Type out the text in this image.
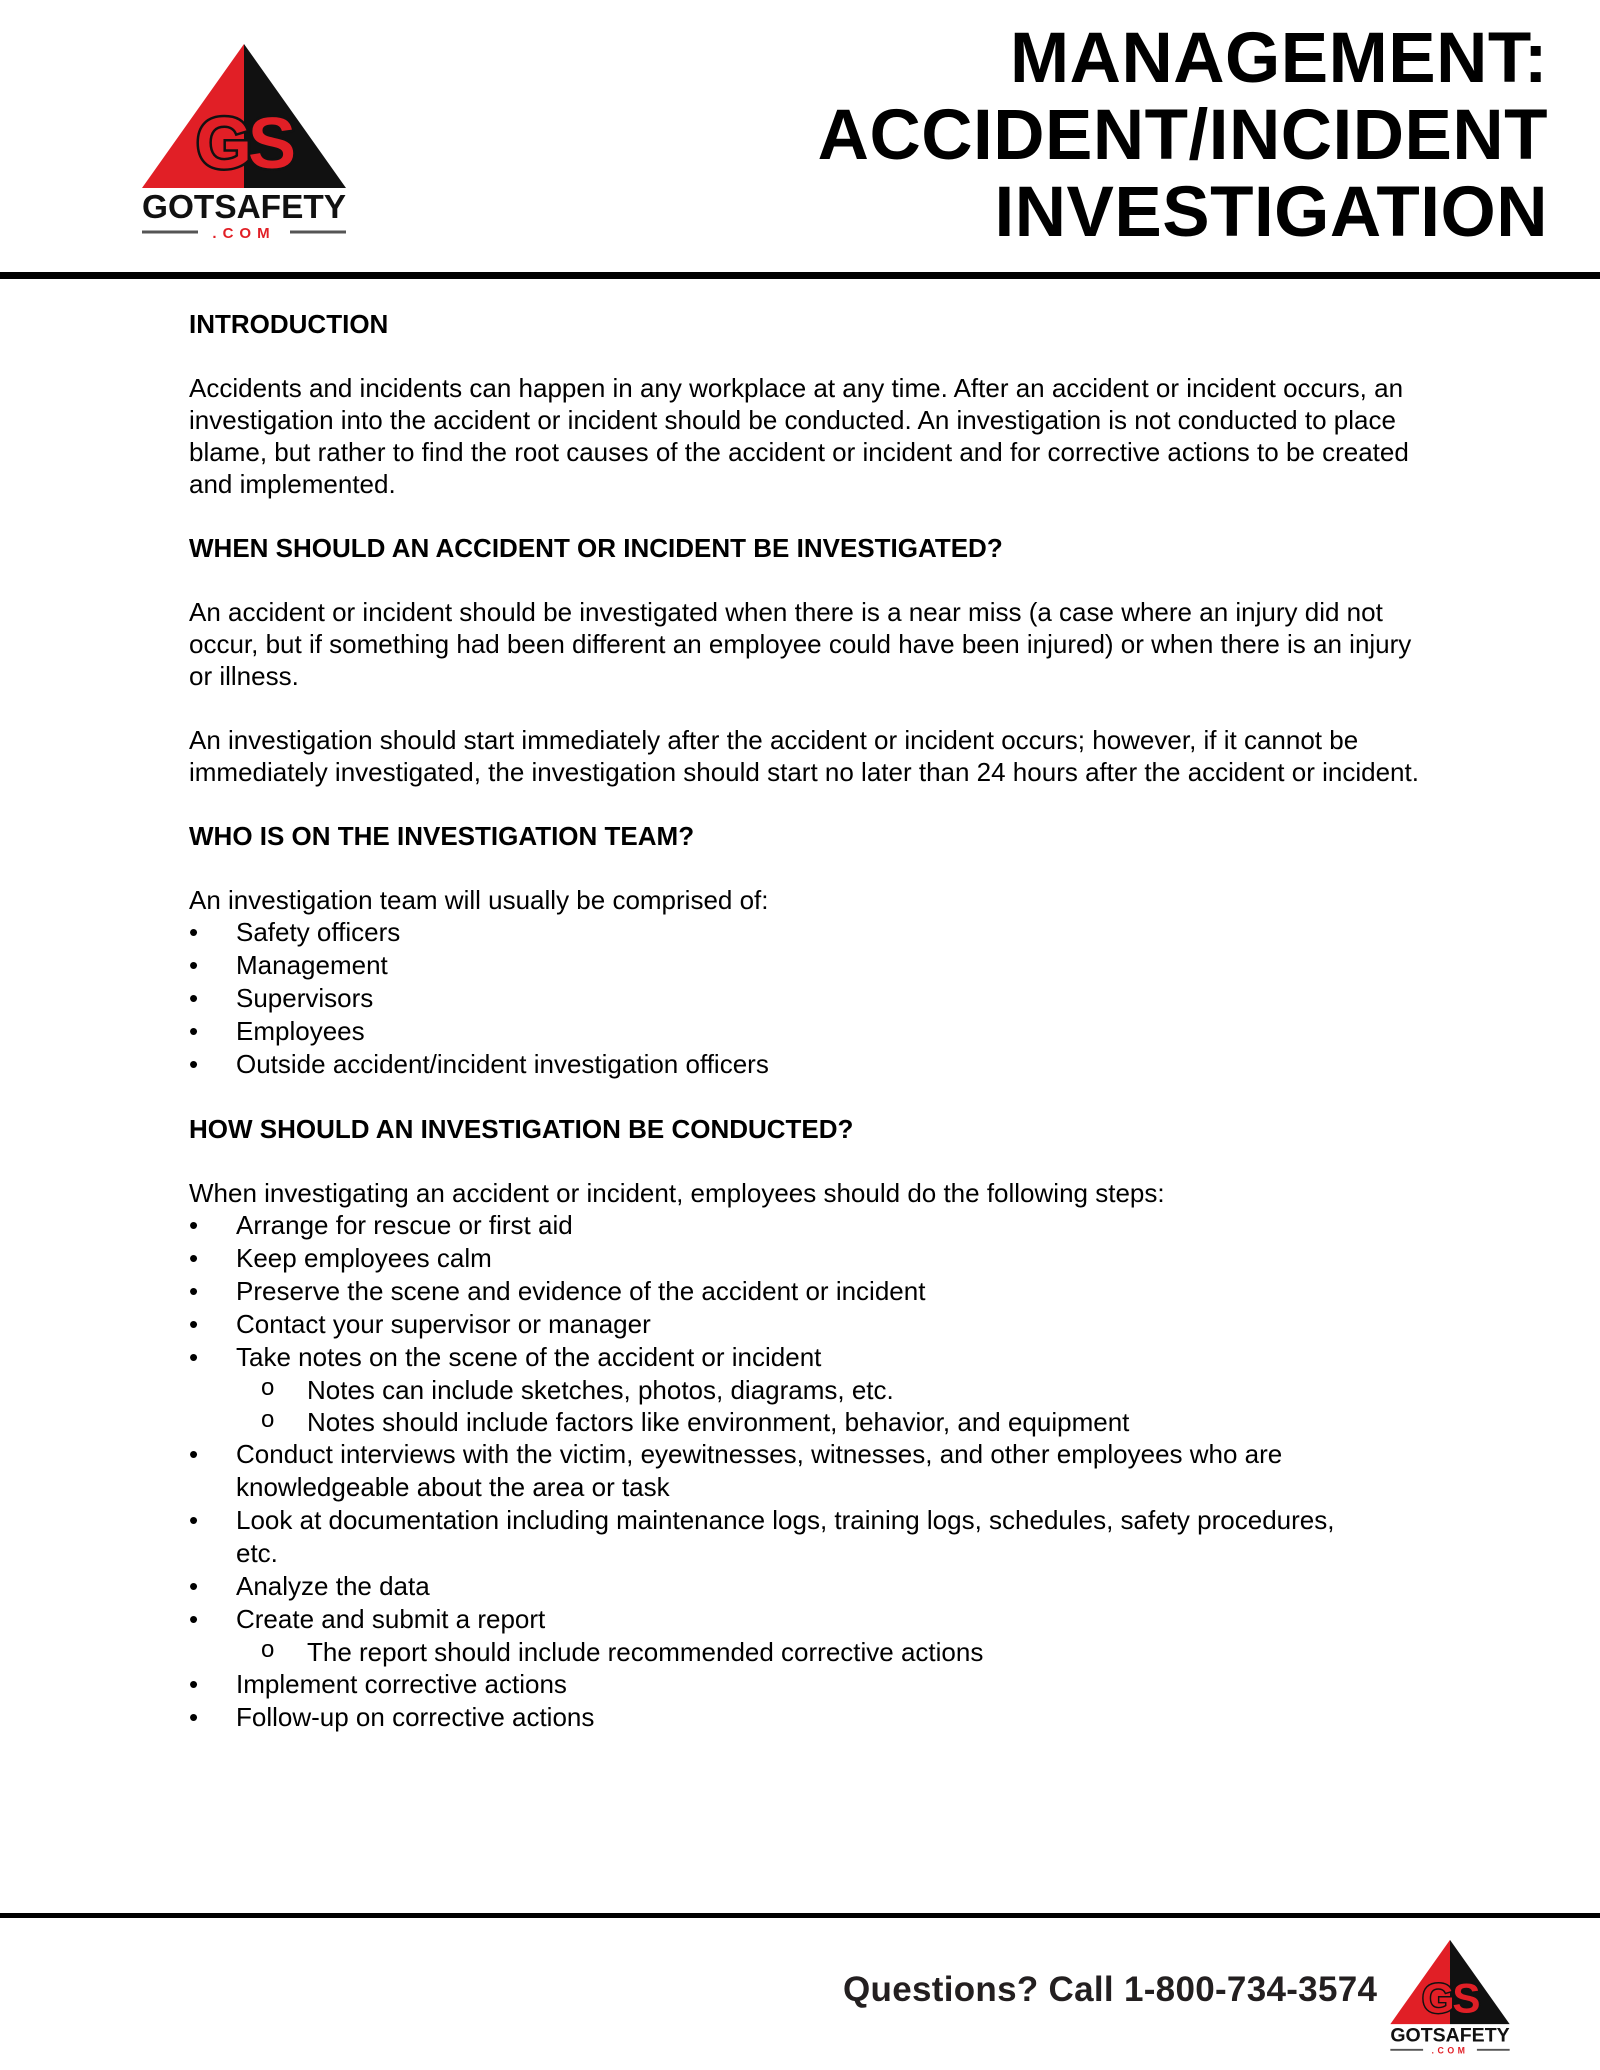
GS
GOTSAFETY
.COM
MANAGEMENT:
ACCIDENT/INCIDENT
INVESTIGATION
INTRODUCTION

Accidents and incidents can happen in any workplace at any time. After an accident or incident occurs, an investigation into the accident or incident should be conducted. An investigation is not conducted to place blame, but rather to find the root causes of the accident or incident and for corrective actions to be created and implemented.

WHEN SHOULD AN ACCIDENT OR INCIDENT BE INVESTIGATED?

An accident or incident should be investigated when there is a near miss (a case where an injury did not occur, but if something had been different an employee could have been injured) or when there is an injury or illness.

An investigation should start immediately after the accident or incident occurs; however, if it cannot be immediately investigated, the investigation should start no later than 24 hours after the accident or incident.

WHO IS ON THE INVESTIGATION TEAM?

An investigation team will usually be comprised of:

• Safety officers
• Management
• Supervisors
• Employees
• Outside accident/incident investigation officers
HOW SHOULD AN INVESTIGATION BE CONDUCTED?

When investigating an accident or incident, employees should do the following steps:

• Arrange for rescue or first aid
• Keep employees calm
• Preserve the scene and evidence of the accident or incident
• Contact your supervisor or manager
• Take notes on the scene of the accident or incident
o Notes can include sketches, photos, diagrams, etc.
o Notes should include factors like environment, behavior, and equipment
• Conduct interviews with the victim, eyewitnesses, witnesses, and other employees who are
knowledgeable about the area or task
• Look at documentation including maintenance logs, training logs, schedules, safety procedures,
etc.
• Analyze the data
• Create and submit a report
o The report should include recommended corrective actions
• Implement corrective actions
• Follow-up on corrective actions
Questions? Call 1-800-734-3574 GS
GOTSAFETY
.COM
